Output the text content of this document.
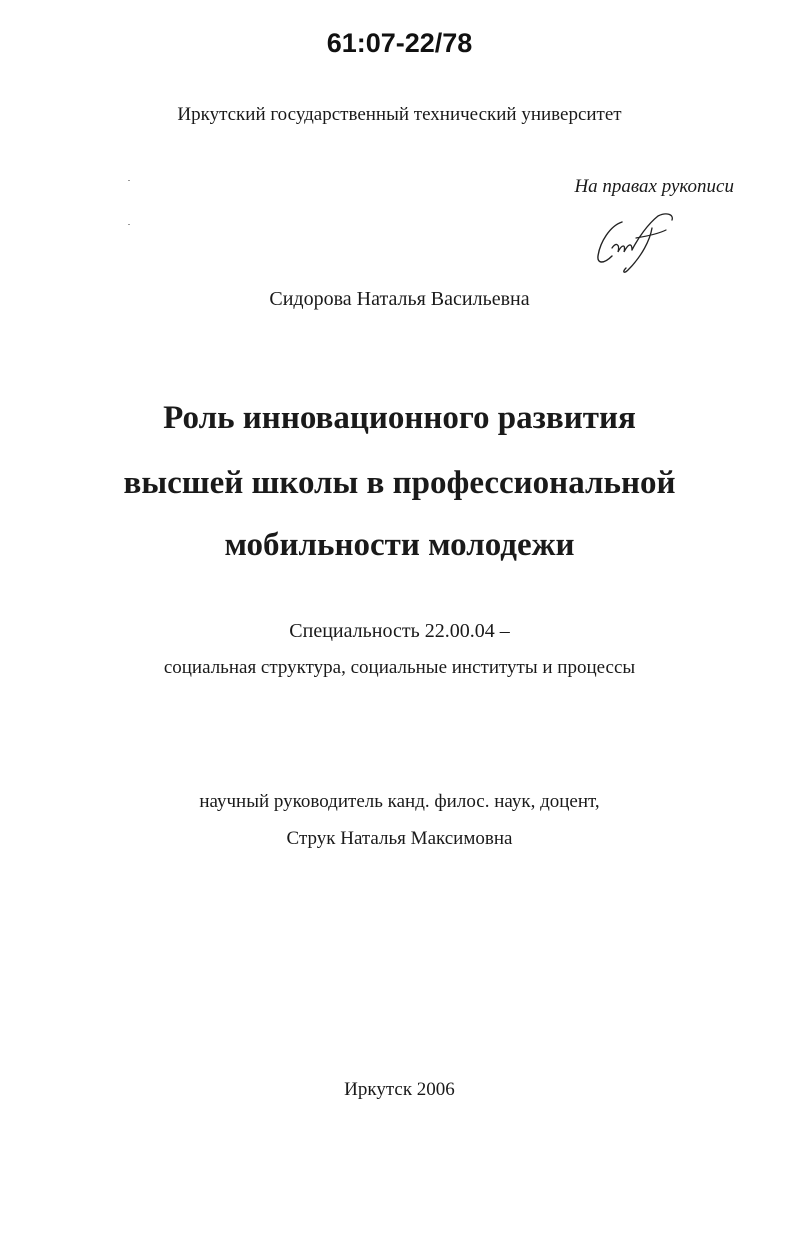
61:07-22/78
Иркутский государственный технический университет
На правах рукописи
Сидорова Наталья Васильевна
Роль инновационного развития
высшей школы в профессиональной
мобильности молодежи
Специальность 22.00.04 –
социальная структура, социальные институты и процессы
научный руководитель канд. филос. наук, доцент,
Струк Наталья Максимовна
Иркутск 2006
